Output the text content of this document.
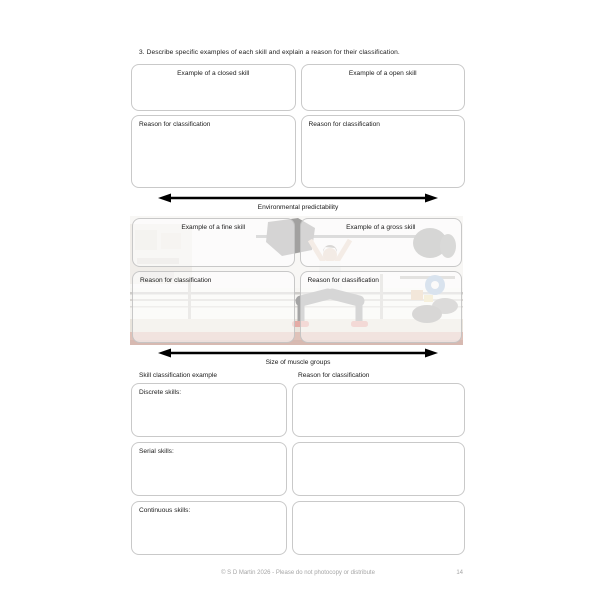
3. Describe specific examples of each skill and explain a reason for their classification.
Example of a closed skill	Example of a open skill
Reason for classification	Reason for classification
Environmental predictability
Example of a fine skill	Example of a gross skill
Reason for classification	Reason for classification
Size of muscle groups
Skill classification example	Reason for classification
Discrete skills:
Serial skills:
Continuous skills:
© S D Martin 2026 - Please do not photocopy or distribute	14
